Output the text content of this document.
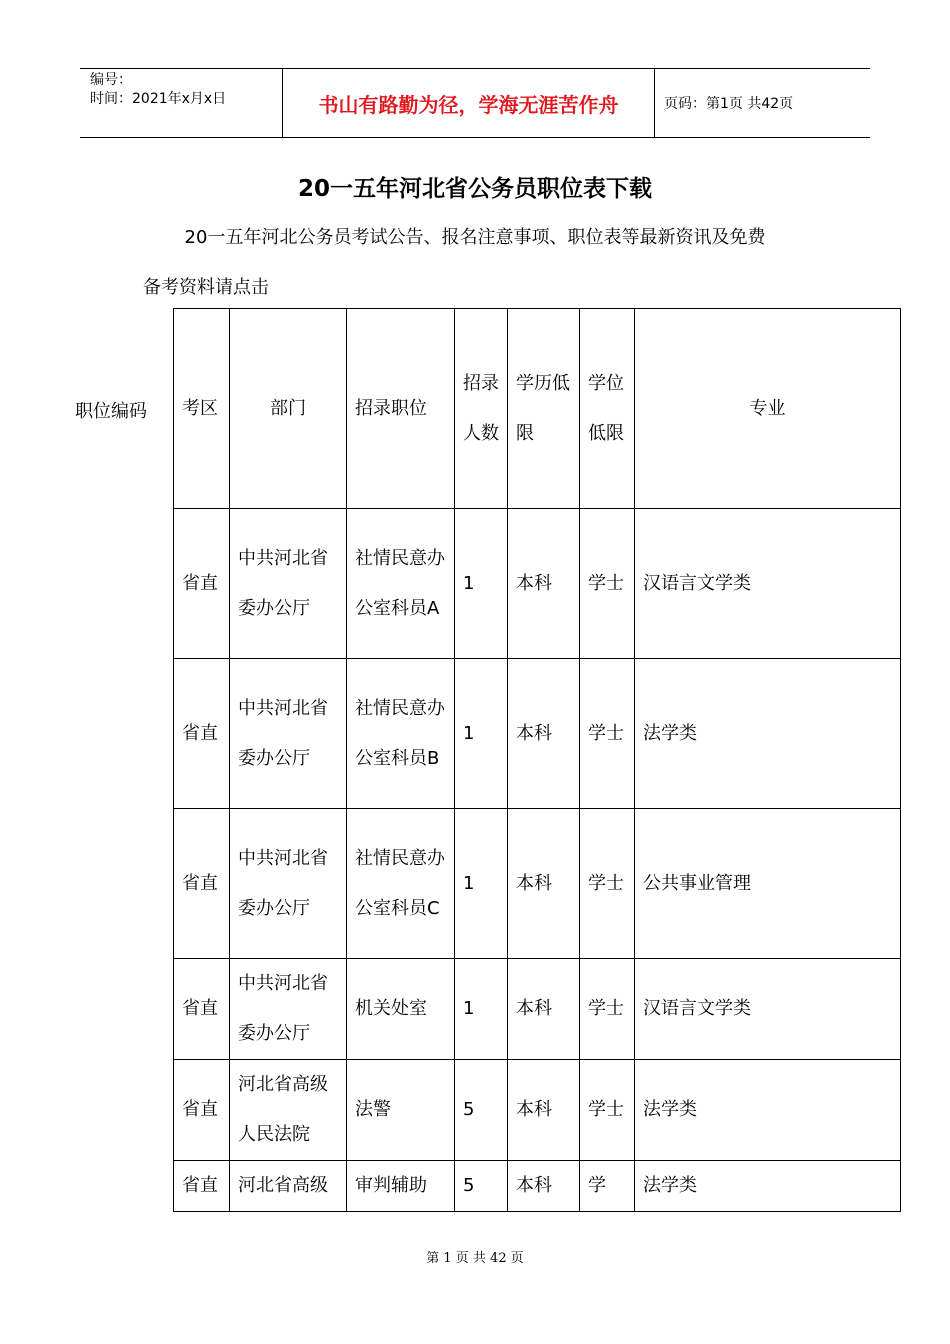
编号：
时间：2021年x月x日	书山有路勤为径，学海无涯苦作舟	页码：第1页 共42页
20一五年河北省公务员职位表下载
20一五年河北公务员考试公告、报名注意事项、职位表等最新资讯及免费
备考资料请点击
职位编码 考区	部门	招录职位	招录人数	学历低限	学位低限	专业
省直	中共河北省委办公厅	社情民意办公室科员A	1	本科	学士	汉语言文学类
省直	中共河北省委办公厅	社情民意办公室科员B	1	本科	学士	法学类
省直	中共河北省委办公厅	社情民意办公室科员C	1	本科	学士	公共事业管理
省直	中共河北省委办公厅	机关处室	1	本科	学士	汉语言文学类
省直	河北省高级人民法院	法警	5	本科	学士	法学类
省直	河北省高级	审判辅助	5	本科	学	法学类
第 1 页 共 42 页
